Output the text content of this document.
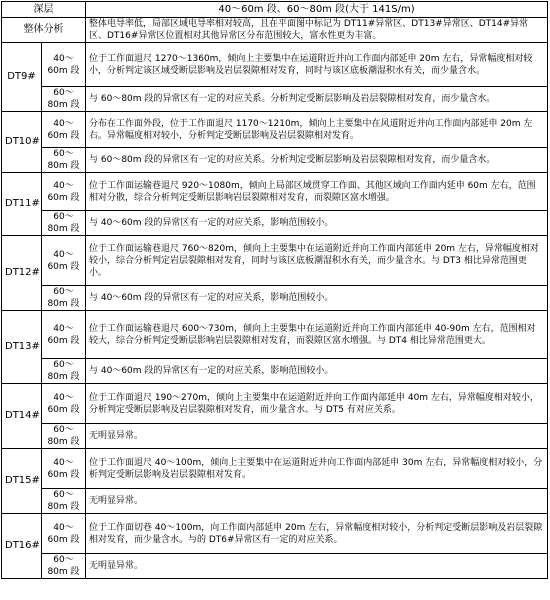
深层		40～60m 段、60～80m 段(大于 141S/m)
整体分析		整体电导率低，局部区域电导率相对较高，且在平面图中标记为 DT11#异常区、DT13#异常区、DT14#异常区、DT16#异常区位置相对其他异常区分布范围较大，富水性更为丰富。
DT9#	40～60m 段	位于工作面退尺 1270～1360m，倾向上主要集中在运道附近并向工作面内部延申 20m 左右，异常幅度相对较小，分析判定该区域受断层影响及岩层裂隙相对发育，同时与该区底板潮湿积水有关，而少量含水。
	60～80m 段	与 60～80m 段的异常区有一定的对应关系。分析判定受断层影响及岩层裂隙相对发育，而少量含水。
DT10#	40～60m 段	分布在工作面外段，位于工作面退尺 1170～1210m，倾向上主要集中在风道附近并向工作面内部延申 20m 左右。异常幅度相对较小，分析判定受断层影响及岩层裂隙相对发育。
	60～80m 段	与 60～80m 段的异常区有一定的对应关系。分析判定受断层影响及岩层裂隙相对发育，而少量含水。
DT11#	40～60m 段	位于工作面运输巷退尺 920～1080m，倾向上局部区域贯穿工作面、其他区域向工作面内延申 60m 左右，范围相对分散，综合分析判定受断层影响岩层裂隙相对发育，而裂隙区富水增强。
	60～80m 段	与 40～60m 段的异常区有一定的对应关系，影响范围较小。
DT12#	40～60m 段	位于工作面运输巷退尺 760～820m，倾向上主要集中在运道附近并向工作面内部延申 20m 左右，异常幅度相对较小，综合分析判定岩层裂隙相对发育，同时与该区底板潮湿积水有关，而少量含水。与 DT3 相比异常范围更小。
	60～80m 段	与 40～60m 段的异常区有一定的对应关系，影响范围较小。
DT13#	40～60m 段	位于工作面运输巷退尺 600～730m，倾向上主要集中在运道附近并向工作面内部延申 40-90m 左右，范围相对较大，综合分析判定受断层影响岩层裂隙相对发育，而裂隙区富水增强。与 DT4 相比异常范围更大。
	60～80m 段	与 40～60m 段的异常区有一定的对应关系，影响范围较小。
DT14#	40～60m 段	位于工作面退尺 190～270m，倾向上主要集中在运道附近并向工作面内部延申 40m 左右，异常幅度相对较小，分析判定受断层影响及岩层裂隙相对发育，而少量含水。与 DT5 有对应关系。
	60～80m 段	无明显异常。
DT15#	40～60m 段	位于工作面退尺 40～100m，倾向上主要集中在运道附近并向工作面内部延申 30m 左右，异常幅度相对较小，分析判定受断层影响及岩层裂隙相对发育。
	60～80m 段	无明显异常。
DT16#	40～60m 段	位于工作面切巷 40～100m，向工作面内部延申 20m 左右，异常幅度相对较小，分析判定受断层影响及岩层裂隙相对发育，而少量含水。与的 DT6#异常区有一定的对应关系。
	60～80m 段	无明显异常。
